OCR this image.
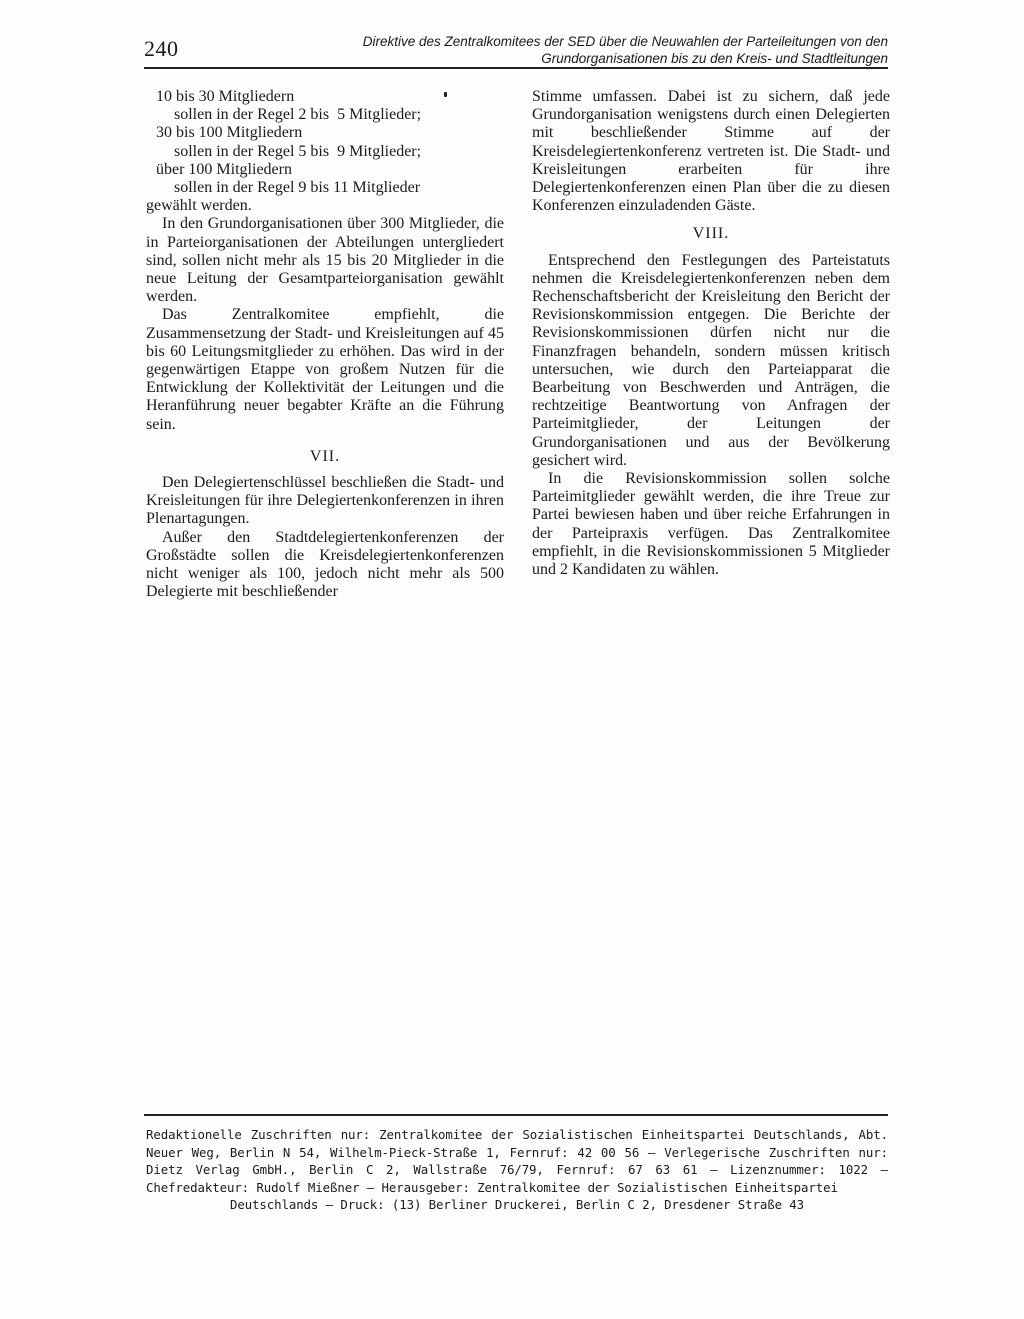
240	Direktive des Zentralkomitees der SED über die Neuwahlen der Parteileitungen von den
Grundorganisationen bis zu den Kreis- und Stadtleitungen
10 bis 30 Mitgliedern
sollen in der Regel 2 bis  5 Mitglieder;
30 bis 100 Mitgliedern
sollen in der Regel 5 bis  9 Mitglieder;
über 100 Mitgliedern
sollen in der Regel 9 bis 11 Mitglieder

gewählt werden.

In den Grundorganisationen über 300 Mitglieder, die in Parteiorganisationen der Abteilungen untergliedert sind, sollen nicht mehr als 15 bis 20 Mitglieder in die neue Leitung der Gesamtparteiorganisation gewählt werden.

Das Zentralkomitee empfiehlt, die Zusammensetzung der Stadt- und Kreisleitungen auf 45 bis 60 Leitungsmitglieder zu erhöhen. Das wird in der gegenwärtigen Etappe von großem Nutzen für die Entwicklung der Kollektivität der Leitungen und die Heranführung neuer begabter Kräfte an die Führung sein.

VII.

Den Delegiertenschlüssel beschließen die Stadt- und Kreisleitungen für ihre Delegiertenkonferenzen in ihren Plenartagungen.

Außer den Stadtdelegiertenkonferenzen der Großstädte sollen die Kreisdelegiertenkonferenzen nicht weniger als 100, jedoch nicht mehr als 500 Delegierte mit beschließender

Stimme umfassen. Dabei ist zu sichern, daß jede Grundorganisation wenigstens durch einen Delegierten mit beschließender Stimme auf der Kreisdelegiertenkonferenz vertreten ist. Die Stadt- und Kreisleitungen erarbeiten für ihre Delegiertenkonferenzen einen Plan über die zu diesen Konferenzen einzuladenden Gäste.

VIII.

Entsprechend den Festlegungen des Parteistatuts nehmen die Kreisdelegiertenkonferenzen neben dem Rechenschaftsbericht der Kreisleitung den Bericht der Revisionskommission entgegen. Die Berichte der Revisionskommissionen dürfen nicht nur die Finanzfragen behandeln, sondern müssen kritisch untersuchen, wie durch den Parteiapparat die Bearbeitung von Beschwerden und Anträgen, die rechtzeitige Beantwortung von Anfragen der Parteimitglieder, der Leitungen der Grundorganisationen und aus der Bevölkerung gesichert wird.

In die Revisionskommission sollen solche Parteimitglieder gewählt werden, die ihre Treue zur Partei bewiesen haben und über reiche Erfahrungen in der Parteipraxis verfügen. Das Zentralkomitee empfiehlt, in die Revisionskommissionen 5 Mitglieder und 2 Kandidaten zu wählen.

Redaktionelle Zuschriften nur: Zentralkomitee der Sozialistischen Einheitspartei Deutschlands, Abt. Neuer Weg, Berlin N 54, Wilhelm-Pieck-Straße 1, Fernruf: 42 00 56 — Verlegerische Zuschriften nur: Dietz Verlag GmbH., Berlin C 2, Wallstraße 76/79, Fernruf: 67 63 61 — Lizenznummer: 1022 — Chefredakteur: Rudolf Mießner — Herausgeber: Zentralkomitee der Sozialistischen Einheitspartei
Deutschlands — Druck: (13) Berliner Druckerei, Berlin C 2, Dresdener Straße 43
